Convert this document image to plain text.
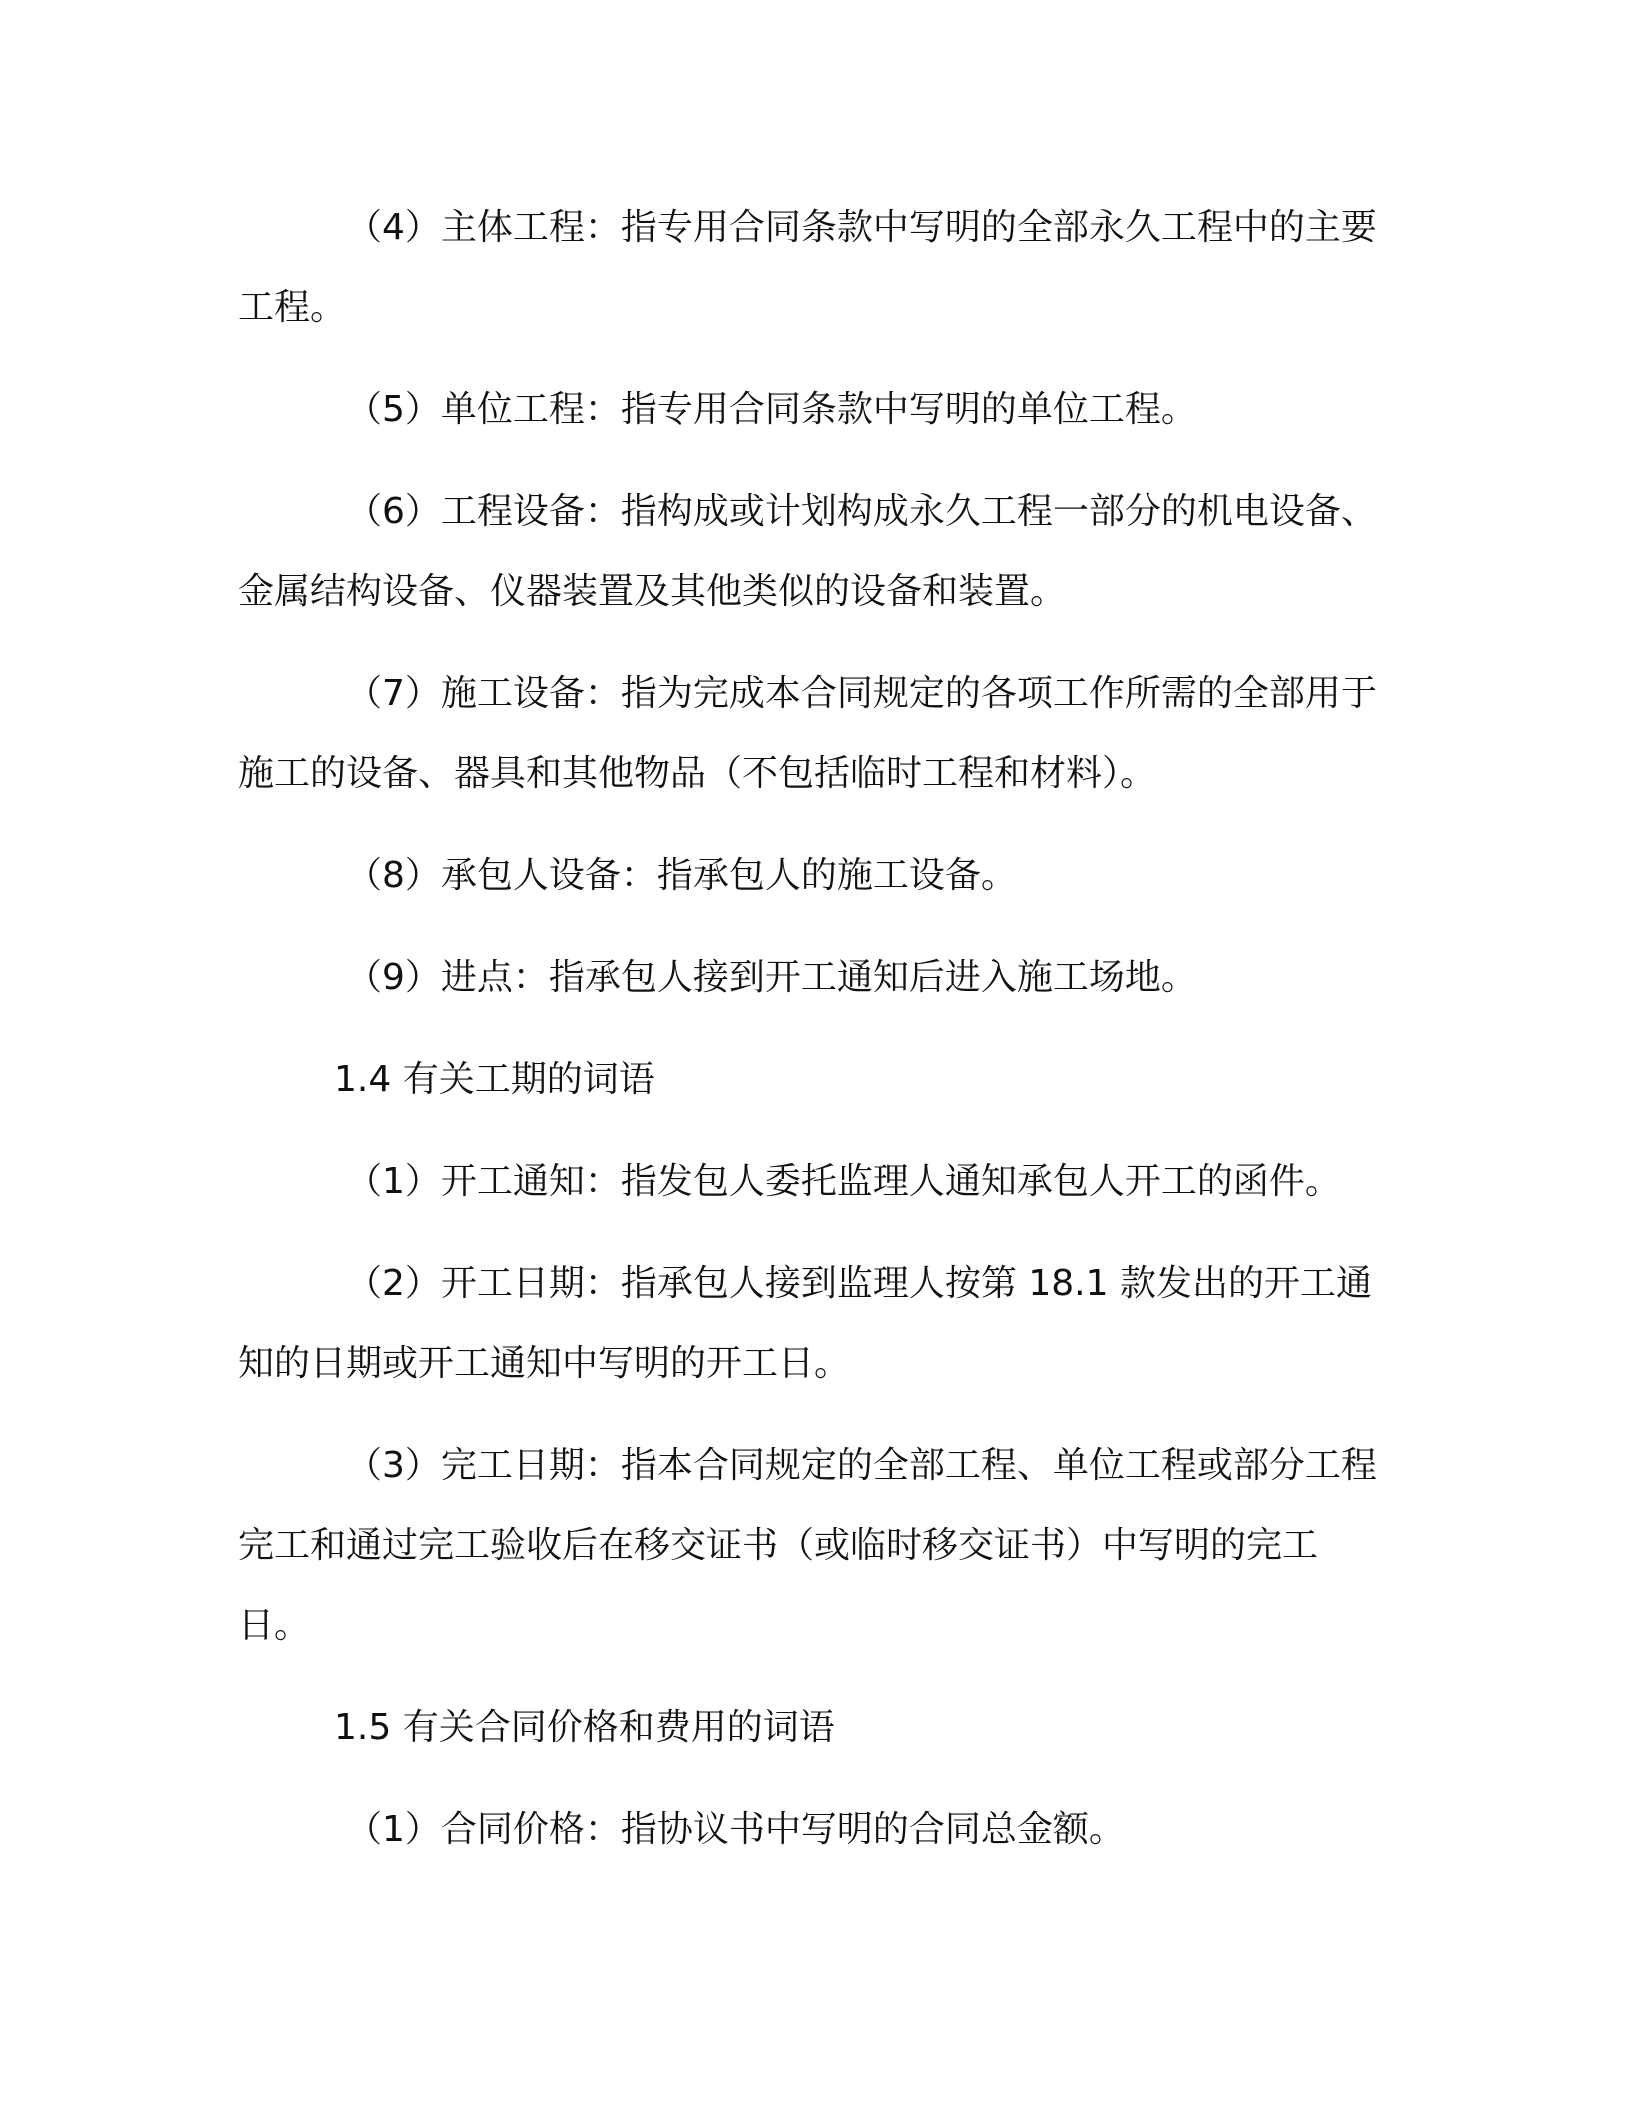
（4）主体工程：指专用合同条款中写明的全部永久工程中的主要工程。

（5）单位工程：指专用合同条款中写明的单位工程。

（6）工程设备：指构成或计划构成永久工程一部分的机电设备、金属结构设备、仪器装置及其他类似的设备和装置。

（7）施工设备：指为完成本合同规定的各项工作所需的全部用于施工的设备、器具和其他物品（不包括临时工程和材料）。

（8）承包人设备：指承包人的施工设备。

（9）进点：指承包人接到开工通知后进入施工场地。

1.4 有关工期的词语

（1）开工通知：指发包人委托监理人通知承包人开工的函件。

（2）开工日期：指承包人接到监理人按第 18.1 款发出的开工通知的日期或开工通知中写明的开工日。

（3）完工日期：指本合同规定的全部工程、单位工程或部分工程完工和通过完工验收后在移交证书（或临时移交证书）中写明的完工日。

1.5 有关合同价格和费用的词语

（1）合同价格：指协议书中写明的合同总金额。
